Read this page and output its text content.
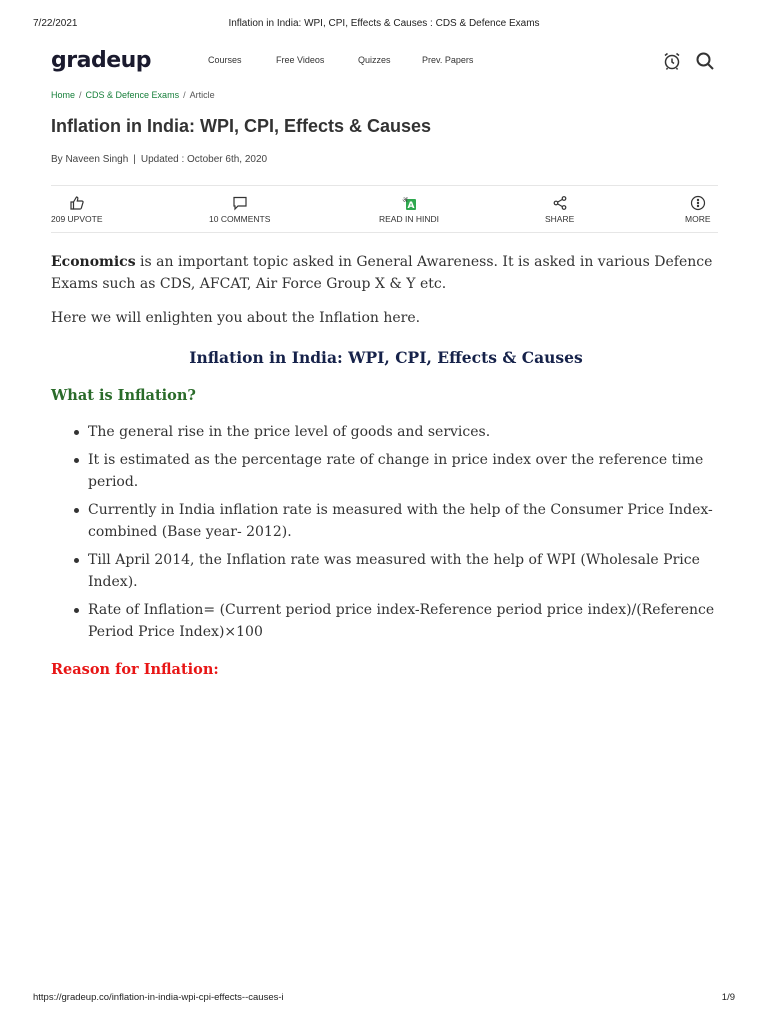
7/22/2021	Inflation in India: WPI, CPI, Effects & Causes : CDS & Defence Exams
gradeup	Courses	Free Videos	Quizzes	Prev. Papers
Home / CDS & Defence Exams / Article
Inflation in India: WPI, CPI, Effects & Causes
By Naveen Singh | Updated : October 6th, 2020
209 UPVOTE	10 COMMENTS
A
अ
READ IN HINDI	SHARE	MORE

Economics is an important topic asked in General Awareness. It is asked in various Defence Exams such as CDS, AFCAT, Air Force Group X & Y etc.

Here we will enlighten you about the Inflation here.

Inflation in India: WPI, CPI, Effects & Causes
What is Inflation?
The general rise in the price level of goods and services.
It is estimated as the percentage rate of change in price index over the reference time period.
Currently in India inflation rate is measured with the help of the Consumer Price Index- combined (Base year- 2012).
Till April 2014, the Inflation rate was measured with the help of WPI (Wholesale Price Index).
Rate of Inflation= (Current period price index-Reference period price index)/(Reference Period Price Index)×100
Reason for Inflation:
https://gradeup.co/inflation-in-india-wpi-cpi-effects--causes-i	1/9
